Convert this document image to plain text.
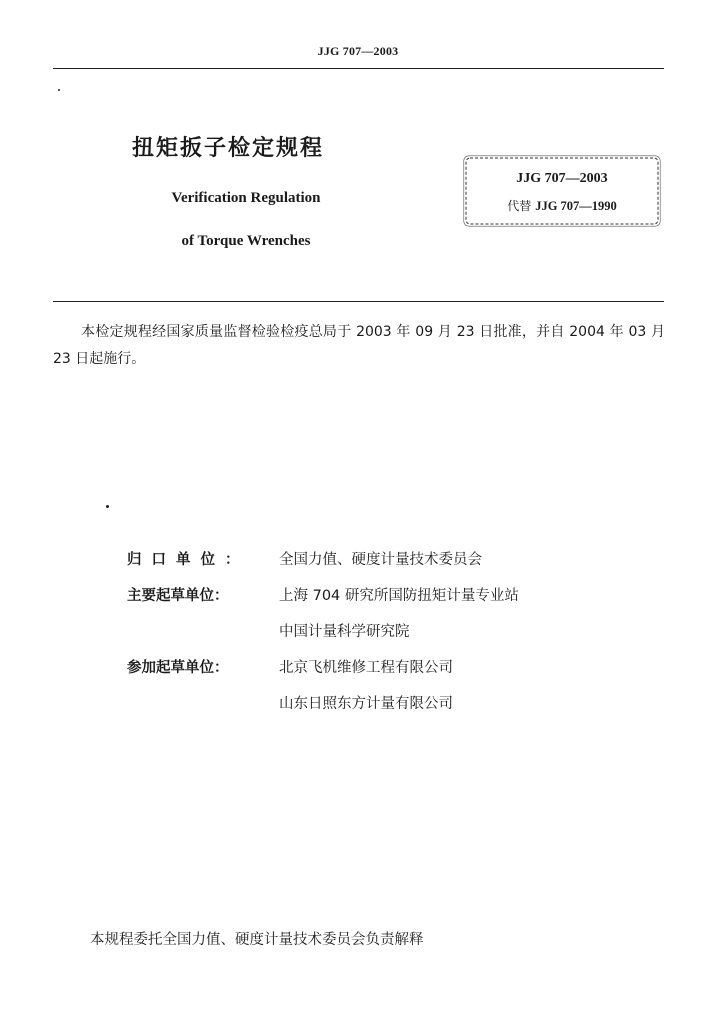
JJG 707—2003
扭矩扳子检定规程
Verification Regulation
of Torque Wrenches
JJG 707—2003
代替 JJG 707—1990
本检定规程经国家质量监督检验检疫总局于 2003 年 09 月 23 日批准，并自 2004 年 03 月 23 日起施行。
归口单位：	全国力值、硬度计量技术委员会
主要起草单位：	上海 704 研究所国防扭矩计量专业站
中国计量科学研究院
参加起草单位：	北京飞机维修工程有限公司
山东日照东方计量有限公司
本规程委托全国力值、硬度计量技术委员会负责解释
